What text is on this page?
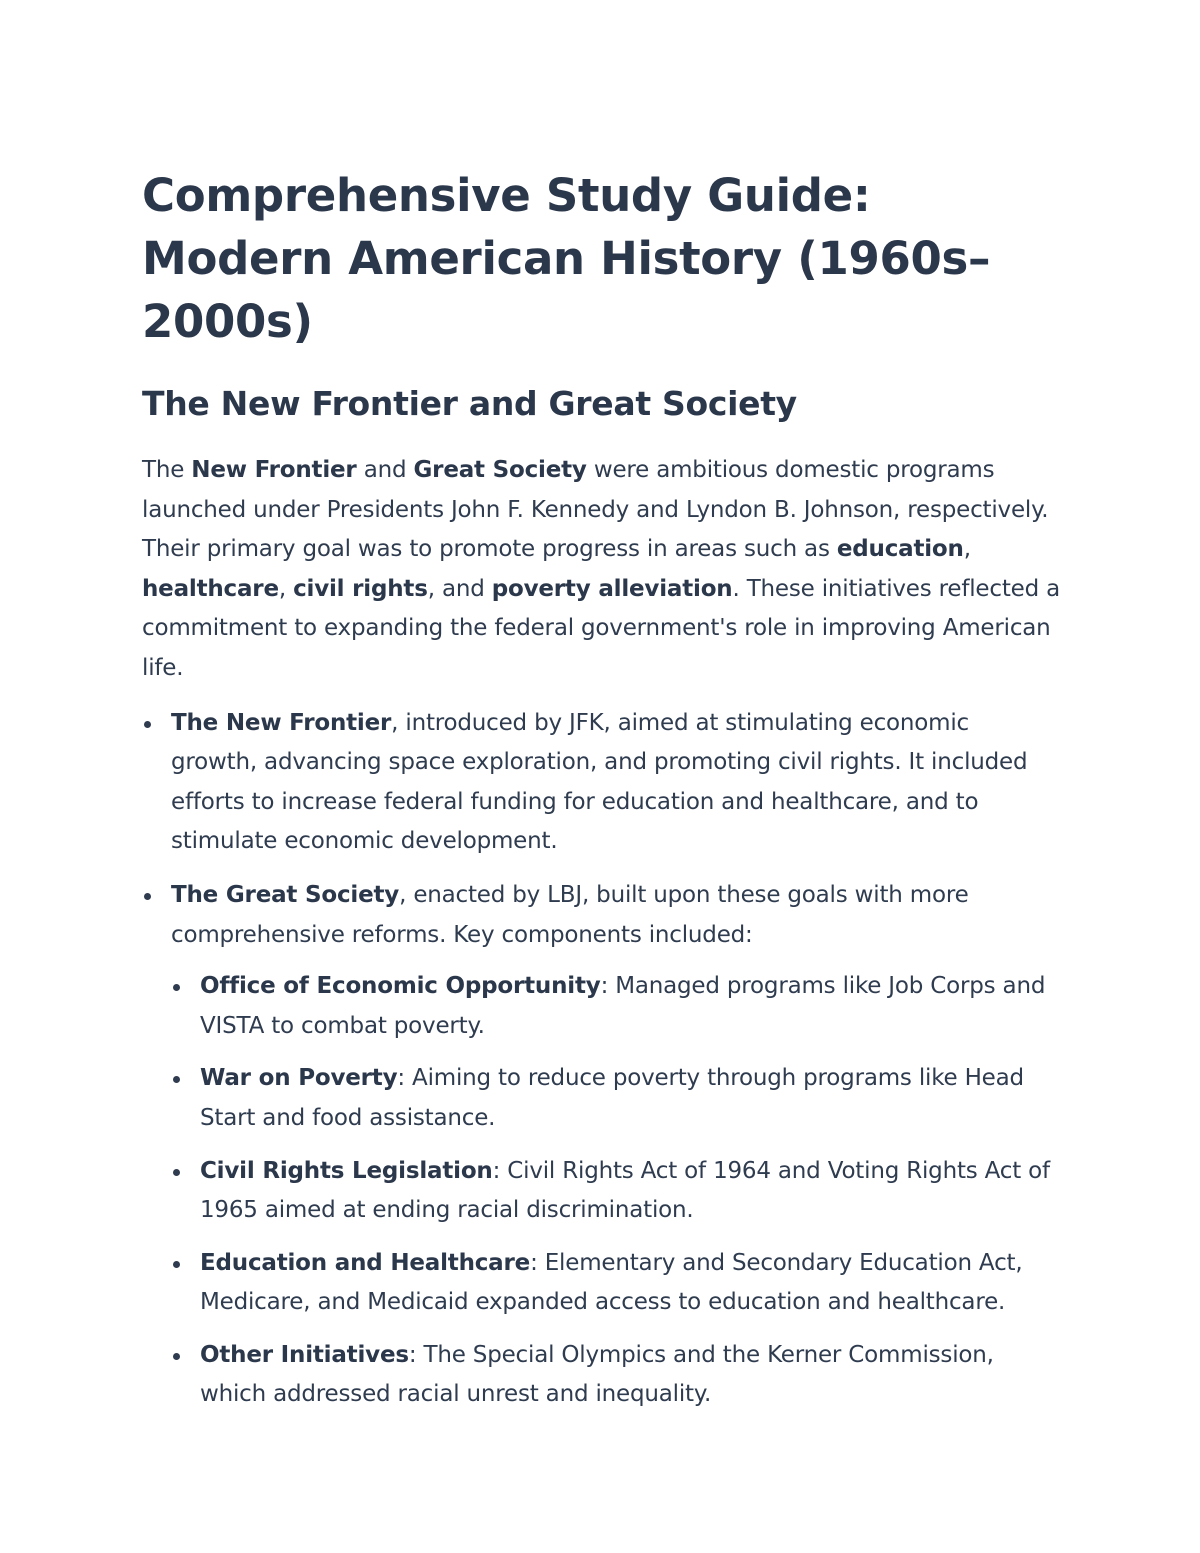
Comprehensive Study Guide: Modern American History (1960s–2000s)
The New Frontier and Great Society

The New Frontier and Great Society were ambitious domestic programs launched under Presidents John F. Kennedy and Lyndon B. Johnson, respectively. Their primary goal was to promote progress in areas such as education, healthcare, civil rights, and poverty alleviation. These initiatives reflected a commitment to expanding the federal government's role in improving American life.

The New Frontier, introduced by JFK, aimed at stimulating economic growth, advancing space exploration, and promoting civil rights. It included efforts to increase federal funding for education and healthcare, and to stimulate economic development.
The Great Society, enacted by LBJ, built upon these goals with more comprehensive reforms. Key components included:
Office of Economic Opportunity: Managed programs like Job Corps and VISTA to combat poverty.
War on Poverty: Aiming to reduce poverty through programs like Head Start and food assistance.
Civil Rights Legislation: Civil Rights Act of 1964 and Voting Rights Act of 1965 aimed at ending racial discrimination.
Education and Healthcare: Elementary and Secondary Education Act, Medicare, and Medicaid expanded access to education and healthcare.
Other Initiatives: The Special Olympics and the Kerner Commission, which addressed racial unrest and inequality.
